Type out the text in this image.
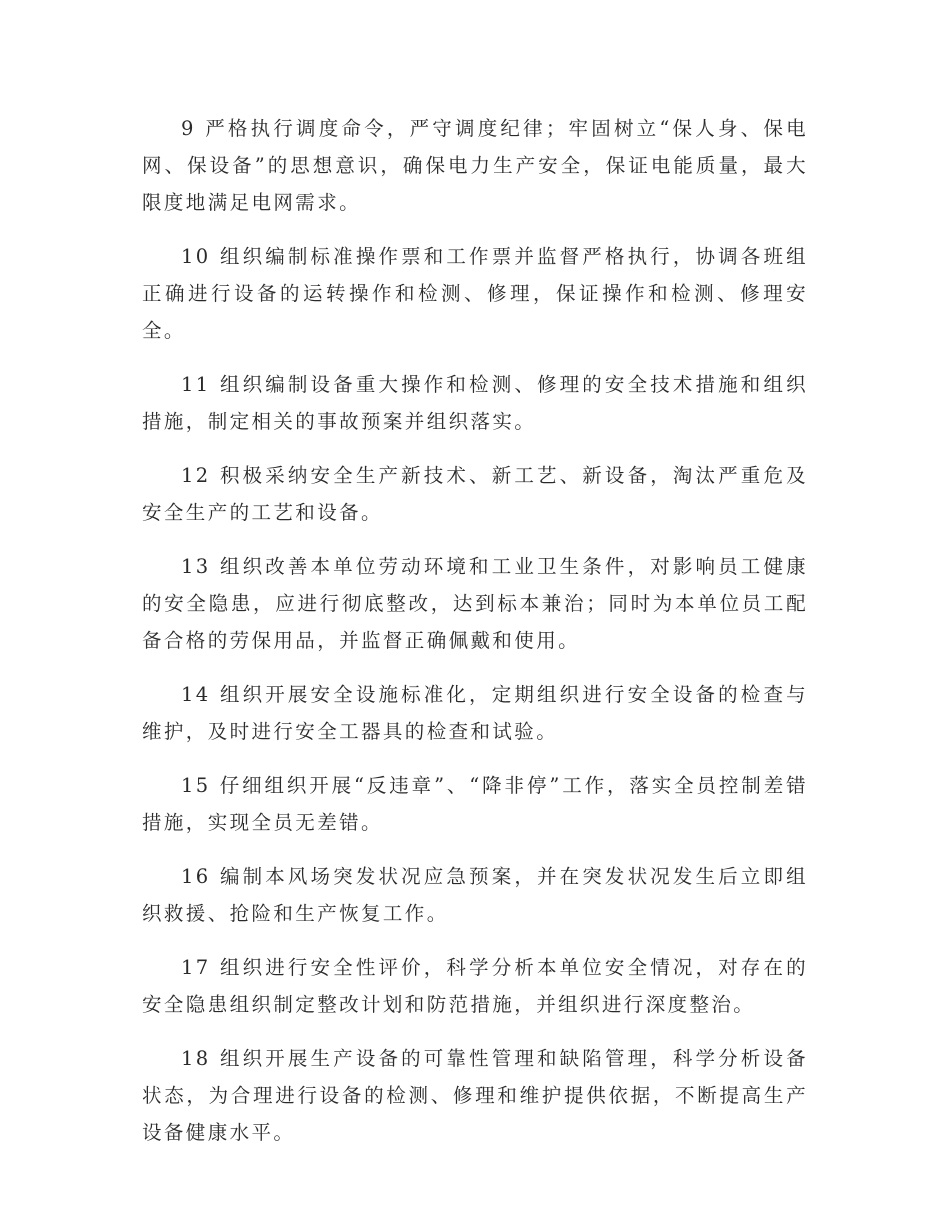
9 严格执行调度命令，严守调度纪律；牢固树立“保人身、保电网、保设备”的思想意识，确保电力生产安全，保证电能质量，最大限度地满足电网需求。

10 组织编制标准操作票和工作票并监督严格执行，协调各班组正确进行设备的运转操作和检测、修理，保证操作和检测、修理安全。

11 组织编制设备重大操作和检测、修理的安全技术措施和组织措施，制定相关的事故预案并组织落实。

12 积极采纳安全生产新技术、新工艺、新设备，淘汰严重危及安全生产的工艺和设备。

13 组织改善本单位劳动环境和工业卫生条件，对影响员工健康的安全隐患，应进行彻底整改，达到标本兼治；同时为本单位员工配备合格的劳保用品，并监督正确佩戴和使用。

14 组织开展安全设施标准化，定期组织进行安全设备的检查与维护，及时进行安全工器具的检查和试验。

15 仔细组织开展“反违章”、“降非停”工作，落实全员控制差错措施，实现全员无差错。

16 编制本风场突发状况应急预案，并在突发状况发生后立即组织救援、抢险和生产恢复工作。

17 组织进行安全性评价，科学分析本单位安全情况，对存在的安全隐患组织制定整改计划和防范措施，并组织进行深度整治。

18 组织开展生产设备的可靠性管理和缺陷管理，科学分析设备状态，为合理进行设备的检测、修理和维护提供依据，不断提高生产设备健康水平。
